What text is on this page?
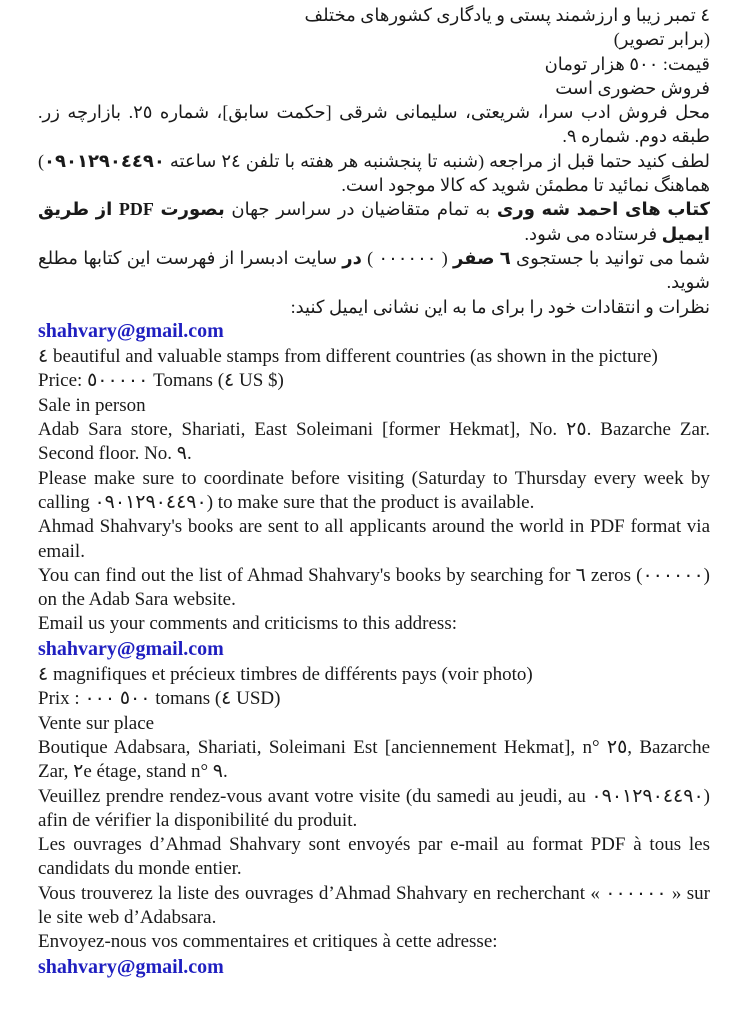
٤ تمبر زیبا و ارزشمند پستی و یادگاری کشورهای مختلف

(برابر تصویر)

قیمت: ٥٠٠ هزار تومان

فروش حضوری است

محل فروش ادب سرا، شریعتی، سلیمانی شرقی [حکمت سابق]، شماره ٢٥. بازارچه زر. طبقه دوم. شماره ٩.

لطف کنید حتما قبل از مراجعه (شنبه تا پنجشنبه هر هفته با تلفن ٢٤ ساعته ٠٩٠١٢٩٠٤٤٩٠) هماهنگ نمائید تا مطمئن شوید که کالا موجود است.

کتاب های احمد شه وری به تمام متقاضیان در سراسر جهان بصورت PDF از طریق ایمیل فرستاده می شود.

شما می توانید با جستجوی ٦ صفر ( ٠٠٠٠٠٠ ) در سایت ادبسرا از فهرست این کتابها مطلع شوید.

نظرات و انتقادات خود را برای ما به این نشانی ایمیل کنید:

shahvary@gmail.com

٤ beautiful and valuable stamps from different countries (as shown in the picture)

Price: ٥٠٠٠٠٠ Tomans (٤ US $)

Sale in person

Adab Sara store, Shariati, East Soleimani [former Hekmat], No. ٢٥. Bazarche Zar. Second floor. No. ٩.

Please make sure to coordinate before visiting (Saturday to Thursday every week by calling ٠٩٠١٢٩٠٤٤٩٠) to make sure that the product is available.

Ahmad Shahvary's books are sent to all applicants around the world in PDF format via email.

You can find out the list of Ahmad Shahvary's books by searching for ٦ zeros (٠٠٠٠٠٠) on the Adab Sara website.

Email us your comments and criticisms to this address:

shahvary@gmail.com

٤ magnifiques et précieux timbres de différents pays (voir photo)

Prix : ٥٠٠ ٠٠٠ tomans (٤ USD)

Vente sur place

Boutique Adabsara, Shariati, Soleimani Est [anciennement Hekmat], n° ٢٥, Bazarche Zar, ٢e étage, stand n° ٩.

Veuillez prendre rendez-vous avant votre visite (du samedi au jeudi, au ٠٩٠١٢٩٠٤٤٩٠) afin de vérifier la disponibilité du produit.

Les ouvrages d’Ahmad Shahvary sont envoyés par e-mail au format PDF à tous les candidats du monde entier.

Vous trouverez la liste des ouvrages d’Ahmad Shahvary en recherchant « ٠٠٠٠٠٠ » sur le site web d’Adabsara.

Envoyez-nous vos commentaires et critiques à cette adresse:

shahvary@gmail.com
